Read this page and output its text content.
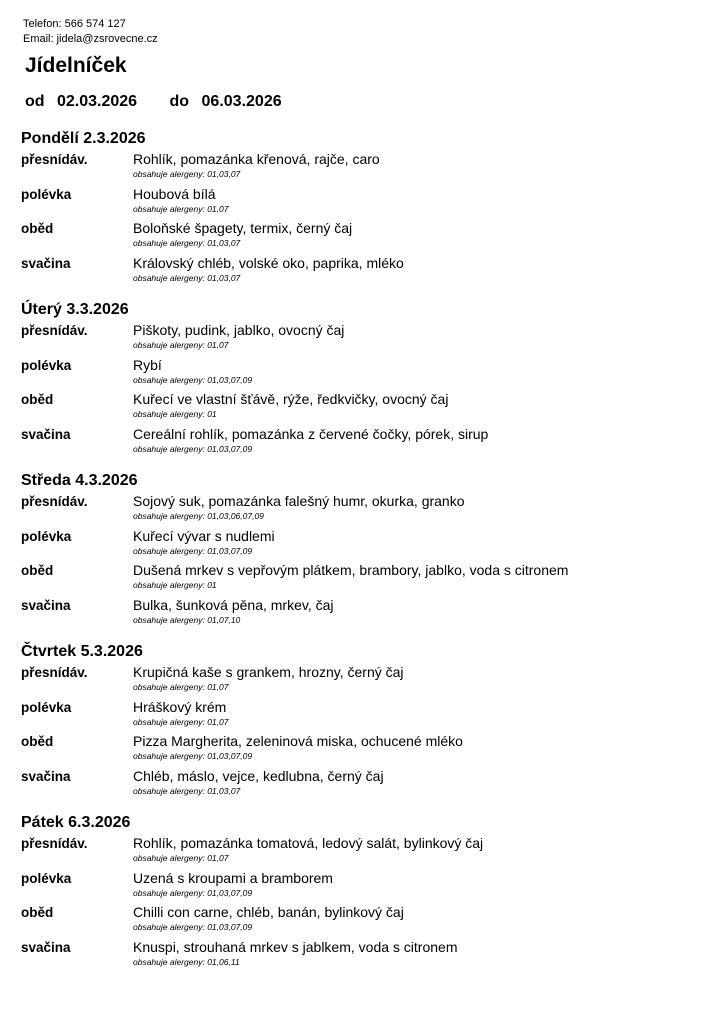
Telefon: 566 574 127
Email: jidela@zsrovecne.cz
Jídelníček
od 02.03.2026 do 06.03.2026
Pondělí 2.3.2026
přesnídáv.	Rohlík, pomazánka křenová, rajče, caro
obsahuje alergeny: 01,03,07
polévka	Houbová bílá
obsahuje alergeny: 01,07
oběd	Boloňské špagety, termix, černý čaj
obsahuje alergeny: 01,03,07
svačina	Královský chléb, volské oko, paprika, mléko
obsahuje alergeny: 01,03,07
Úterý 3.3.2026
přesnídáv.	Piškoty, pudink, jablko, ovocný čaj
obsahuje alergeny: 01,07
polévka	Rybí
obsahuje alergeny: 01,03,07,09
oběd	Kuřecí ve vlastní šťávě, rýže, ředkvičky, ovocný čaj
obsahuje alergeny: 01
svačina	Cereální rohlík, pomazánka z červené čočky, pórek, sirup
obsahuje alergeny: 01,03,07,09
Středa 4.3.2026
přesnídáv.	Sojový suk, pomazánka falešný humr, okurka, granko
obsahuje alergeny: 01,03,06,07,09
polévka	Kuřecí vývar s nudlemi
obsahuje alergeny: 01,03,07,09
oběd	Dušená mrkev s vepřovým plátkem, brambory, jablko, voda s citronem
obsahuje alergeny: 01
svačina	Bulka, šunková pěna, mrkev, čaj
obsahuje alergeny: 01,07,10
Čtvrtek 5.3.2026
přesnídáv.	Krupičná kaše s grankem, hrozny, černý čaj
obsahuje alergeny: 01,07
polévka	Hráškový krém
obsahuje alergeny: 01,07
oběd	Pizza Margherita, zeleninová miska, ochucené mléko
obsahuje alergeny: 01,03,07,09
svačina	Chléb, máslo, vejce, kedlubna, černý čaj
obsahuje alergeny: 01,03,07
Pátek 6.3.2026
přesnídáv.	Rohlík, pomazánka tomatová, ledový salát, bylinkový čaj
obsahuje alergeny: 01,07
polévka	Uzená s kroupami a bramborem
obsahuje alergeny: 01,03,07,09
oběd	Chilli con carne, chléb, banán, bylinkový čaj
obsahuje alergeny: 01,03,07,09
svačina	Knuspi, strouhaná mrkev s jablkem, voda s citronem
obsahuje alergeny: 01,06,11
